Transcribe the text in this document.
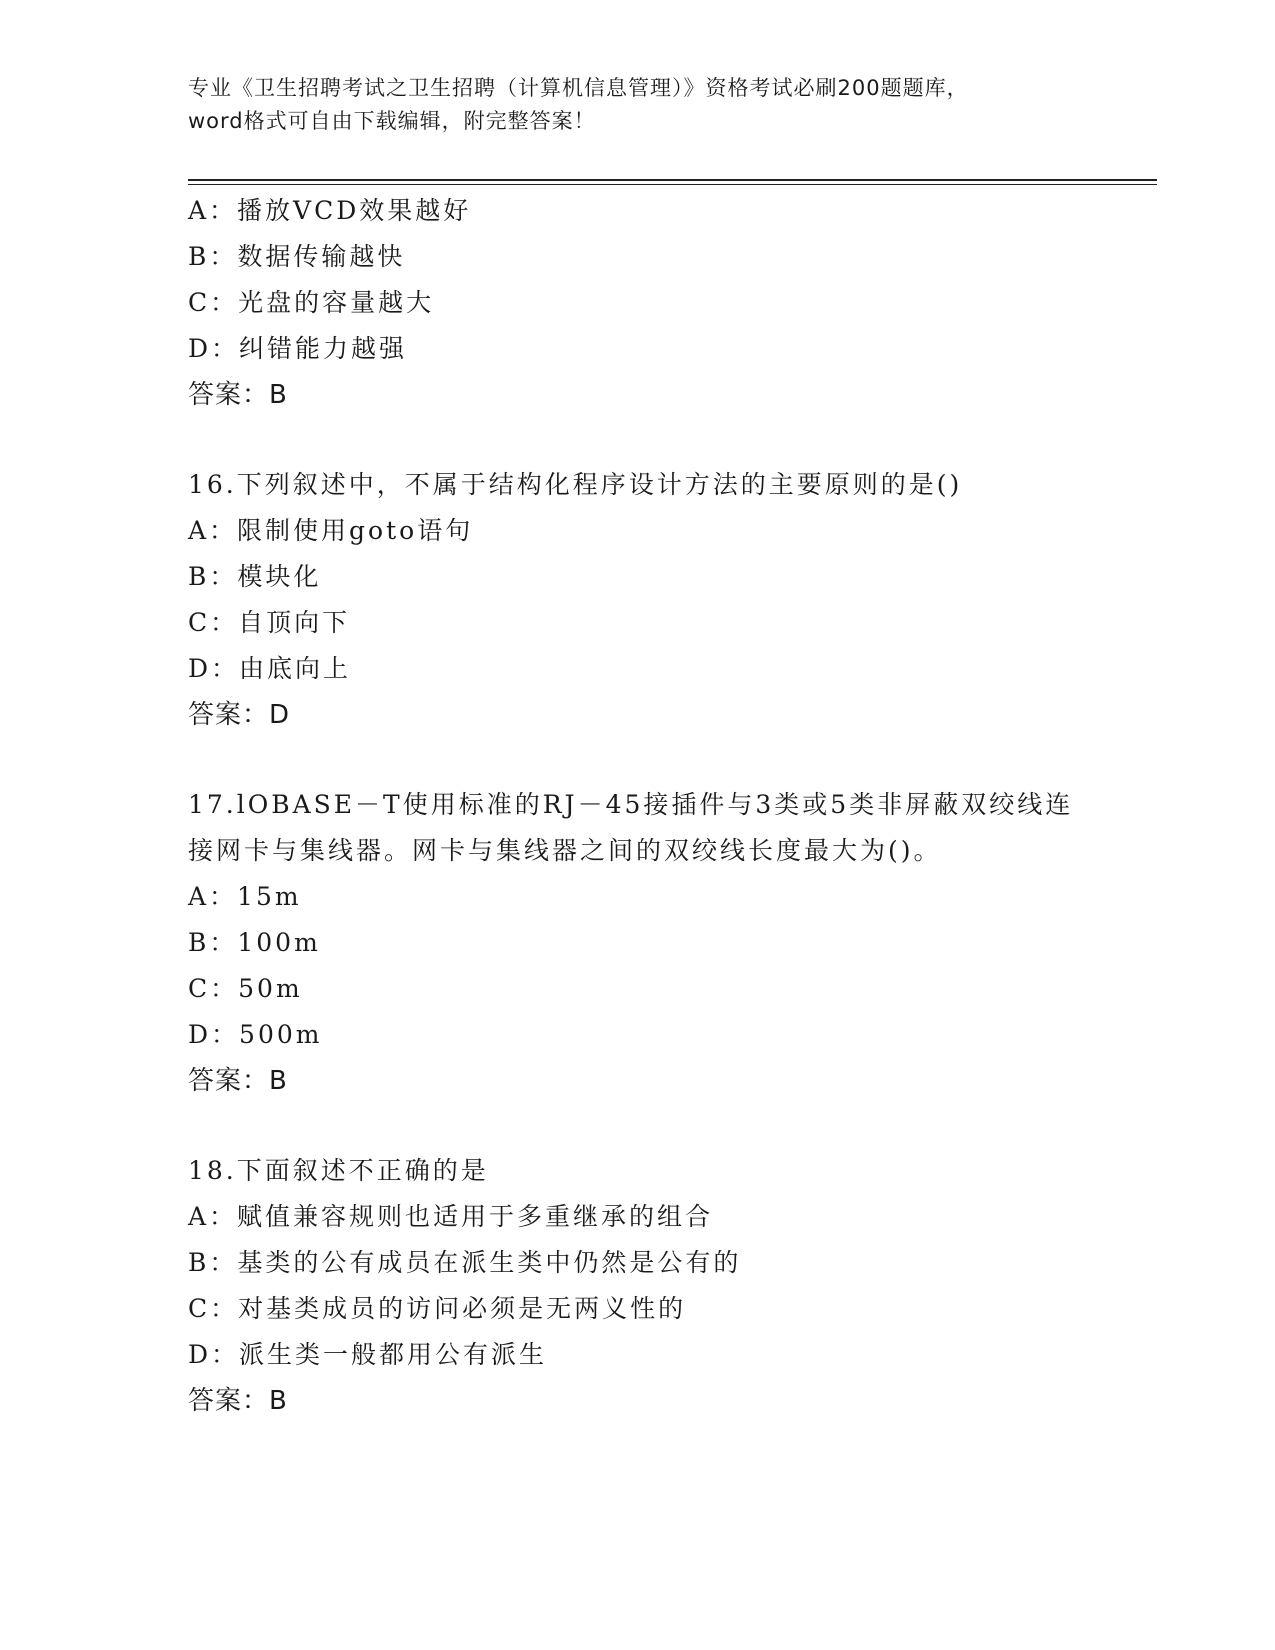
专业《卫生招聘考试之卫生招聘（计算机信息管理）》资格考试必刷200题题库，
word格式可自由下载编辑，附完整答案！
A：播放VCD效果越好
B：数据传输越快
C：光盘的容量越大
D：纠错能力越强
答案：B
16.下列叙述中，不属于结构化程序设计方法的主要原则的是()
A：限制使用goto语句
B：模块化
C：自顶向下
D：由底向上
答案：D
17.lOBASE－T使用标准的RJ－45接插件与3类或5类非屏蔽双绞线连
接网卡与集线器。网卡与集线器之间的双绞线长度最大为()。
A：15m
B：100m
C：50m
D：500m
答案：B
18.下面叙述不正确的是
A：赋值兼容规则也适用于多重继承的组合
B：基类的公有成员在派生类中仍然是公有的
C：对基类成员的访问必须是无两义性的
D：派生类一般都用公有派生
答案：B
